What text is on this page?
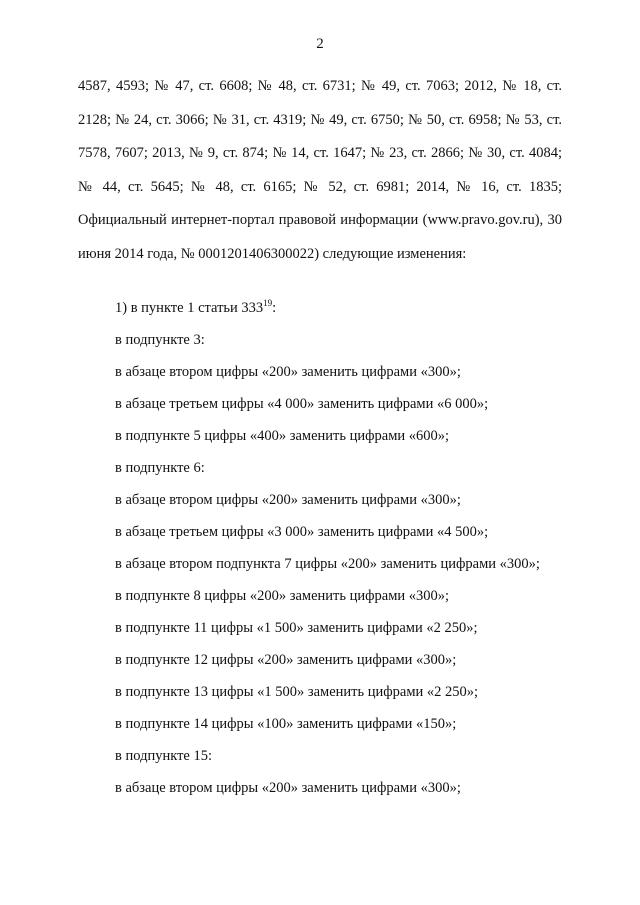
2

4587, 4593; № 47, ст. 6608; № 48, ст. 6731; № 49, ст. 7063; 2012, № 18, ст. 2128; № 24, ст. 3066; № 31, ст. 4319; № 49, ст. 6750; № 50, ст. 6958; № 53, ст. 7578, 7607; 2013, № 9, ст. 874; № 14, ст. 1647; № 23, ст. 2866; № 30, ст. 4084; № 44, ст. 5645; № 48, ст. 6165; № 52, ст. 6981; 2014, № 16, ст. 1835; Официальный интернет-портал правовой информации (www.pravo.gov.ru), 30 июня 2014 года, № 0001201406300022) следующие изменения:

1) в пункте 1 статьи $333^{19}$:

в подпункте 3:

в абзаце втором цифры «200» заменить цифрами «300»;

в абзаце третьем цифры «4 000» заменить цифрами «6 000»;

в подпункте 5 цифры «400» заменить цифрами «600»;

в подпункте 6:

в абзаце втором цифры «200» заменить цифрами «300»;

в абзаце третьем цифры «3 000» заменить цифрами «4 500»;

в абзаце втором подпункта 7 цифры «200» заменить цифрами «300»;

в подпункте 8 цифры «200» заменить цифрами «300»;

в подпункте 11 цифры «1 500» заменить цифрами «2 250»;

в подпункте 12 цифры «200» заменить цифрами «300»;

в подпункте 13 цифры «1 500» заменить цифрами «2 250»;

в подпункте 14 цифры «100» заменить цифрами «150»;

в подпункте 15:

в абзаце втором цифры «200» заменить цифрами «300»;
